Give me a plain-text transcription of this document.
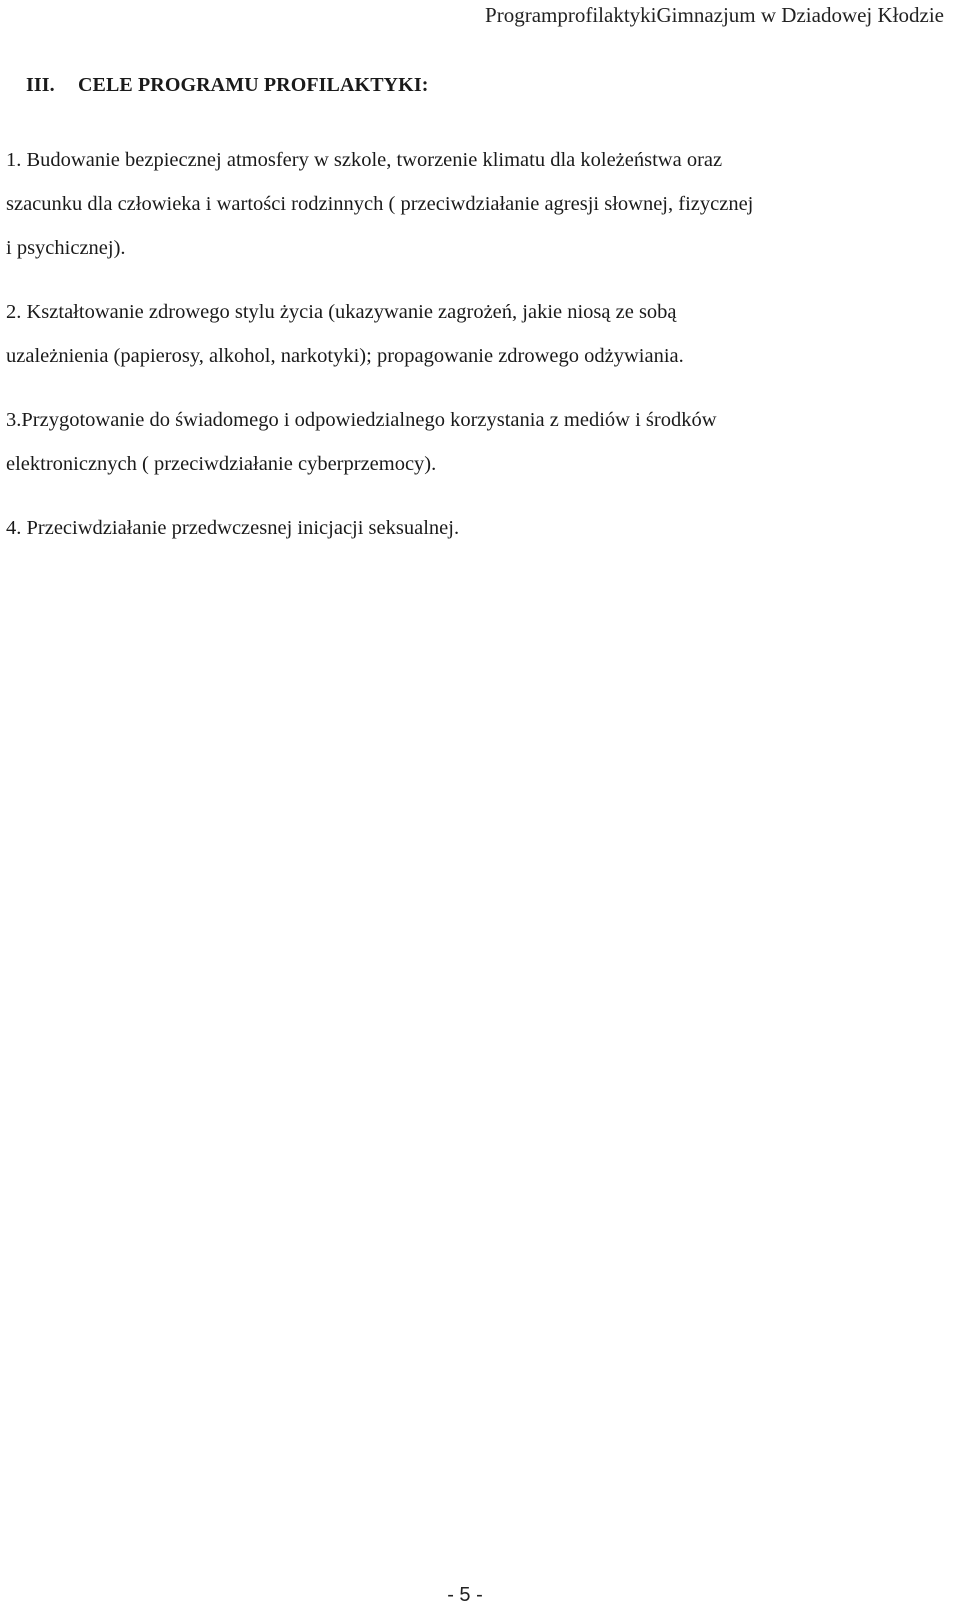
ProgramprofilaktykiGimnazjum w Dziadowej Kłodzie
III. CELE PROGRAMU PROFILAKTYKI:

1. Budowanie bezpiecznej atmosfery w szkole, tworzenie klimatu dla koleżeństwa oraz
szacunku dla człowieka i wartości rodzinnych ( przeciwdziałanie agresji słownej, fizycznej
i psychicznej).

2. Kształtowanie zdrowego stylu życia (ukazywanie zagrożeń, jakie niosą ze sobą
uzależnienia (papierosy, alkohol, narkotyki); propagowanie zdrowego odżywiania.

3.Przygotowanie do świadomego i odpowiedzialnego korzystania z mediów i środków
elektronicznych ( przeciwdziałanie cyberprzemocy).

4. Przeciwdziałanie przedwczesnej inicjacji seksualnej.

- 5 -
